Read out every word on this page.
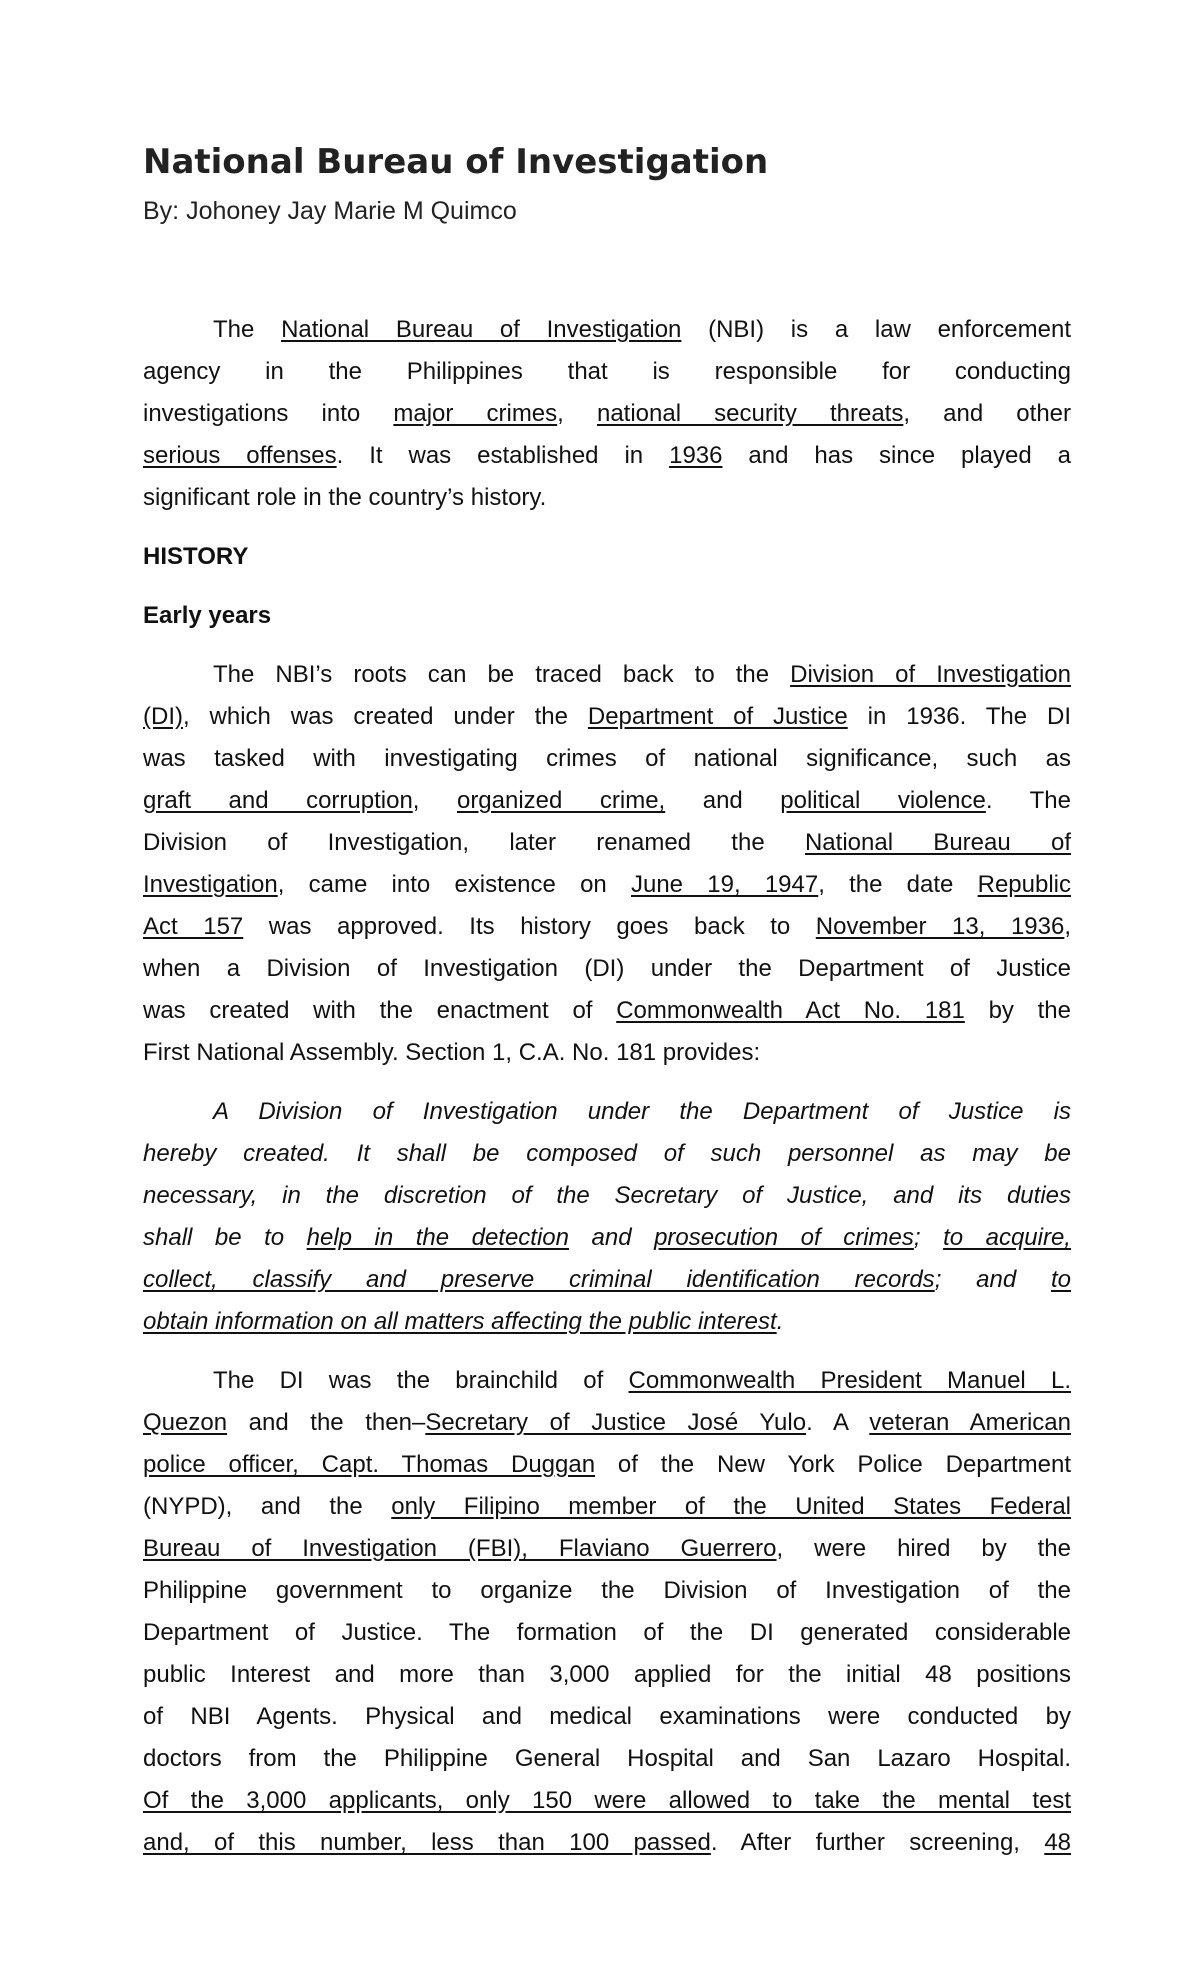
National Bureau of Investigation
By: Johoney Jay Marie M Quimco
The National Bureau of Investigation (NBI) is a law enforcement
agency in the Philippines that is responsible for conducting
investigations into major crimes, national security threats, and other
serious offenses. It was established in 1936 and has since played a
significant role in the country’s history.
HISTORY
Early years
The NBI’s roots can be traced back to the Division of Investigation
(DI), which was created under the Department of Justice in 1936. The DI
was tasked with investigating crimes of national significance, such as
graft and corruption, organized crime, and political violence. The
Division of Investigation, later renamed the National Bureau of
Investigation, came into existence on June 19, 1947, the date Republic
Act 157 was approved. Its history goes back to November 13, 1936,
when a Division of Investigation (DI) under the Department of Justice
was created with the enactment of Commonwealth Act No. 181 by the
First National Assembly. Section 1, C.A. No. 181 provides:
A Division of Investigation under the Department of Justice is
hereby created. It shall be composed of such personnel as may be
necessary, in the discretion of the Secretary of Justice, and its duties
shall be to help in the detection and prosecution of crimes; to acquire,
collect, classify and preserve criminal identification records; and to
obtain information on all matters affecting the public interest.
The DI was the brainchild of Commonwealth President Manuel L.
Quezon and the then–Secretary of Justice José Yulo. A veteran American
police officer, Capt. Thomas Duggan of the New York Police Department
(NYPD), and the only Filipino member of the United States Federal
Bureau of Investigation (FBI), Flaviano Guerrero, were hired by the
Philippine government to organize the Division of Investigation of the
Department of Justice. The formation of the DI generated considerable
public Interest and more than 3,000 applied for the initial 48 positions
of NBI Agents. Physical and medical examinations were conducted by
doctors from the Philippine General Hospital and San Lazaro Hospital.
Of the 3,000 applicants, only 150 were allowed to take the mental test
and, of this number, less than 100 passed. After further screening, 48
